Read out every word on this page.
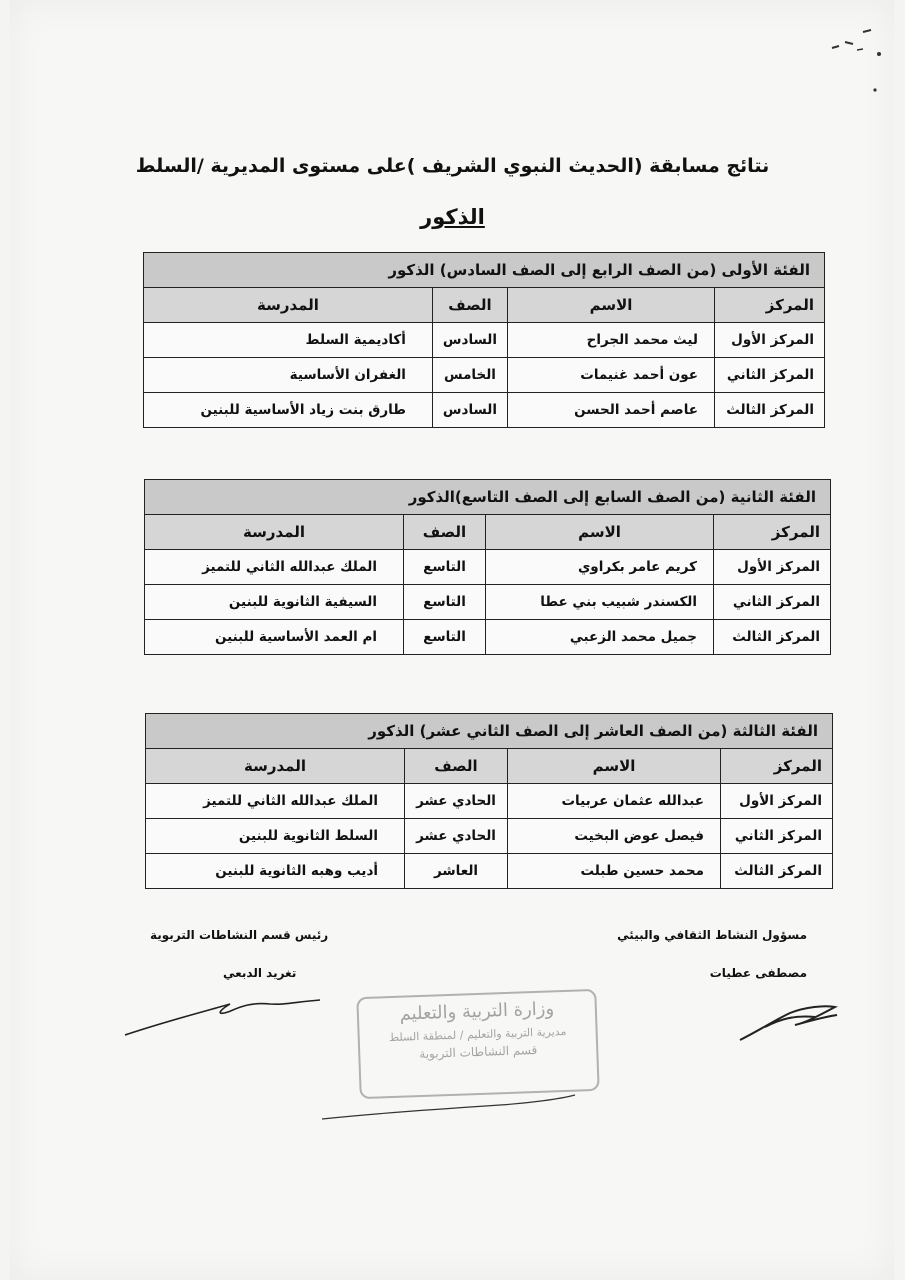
نتائج مسابقة (الحديث النبوي الشريف )على مستوى المديرية /السلط
الذكور
الفئة الأولى (من الصف الرابع إلى الصف السادس) الذكور			
المركز	الاسم	الصف	المدرسة
المركز الأول	ليث محمد الجراح	السادس	أكاديمية السلط
المركز الثاني	عون أحمد غنيمات	الخامس	الغفران الأساسية
المركز الثالث	عاصم أحمد الحسن	السادس	طارق بنت زياد الأساسية للبنين
الفئة الثانية (من الصف السابع إلى الصف التاسع)الذكور			
المركز	الاسم	الصف	المدرسة
المركز الأول	كريم عامر بكراوي	التاسع	الملك عبدالله الثاني للتميز
المركز الثاني	الكسندر شبيب بني عطا	التاسع	السيفية الثانوية للبنين
المركز الثالث	جميل محمد الزعبي	التاسع	ام العمد الأساسية للبنين
الفئة الثالثة (من الصف العاشر إلى الصف الثاني عشر) الذكور			
المركز	الاسم	الصف	المدرسة
المركز الأول	عبدالله عثمان عربيات	الحادي عشر	الملك عبدالله الثاني للتميز
المركز الثاني	فيصل عوض البخيت	الحادي عشر	السلط الثانوية للبنين
المركز الثالث	محمد حسين طبلت	العاشر	أديب وهبه الثانوية للبنين
مسؤول النشاط الثقافي والبيئي
مصطفى عطيات
رئيس قسم النشاطات التربوية
تغريد الدبعي
وزارة التربية والتعليم
مديرية التربية والتعليم / لمنطقة السلط
قسم النشاطات التربوية
